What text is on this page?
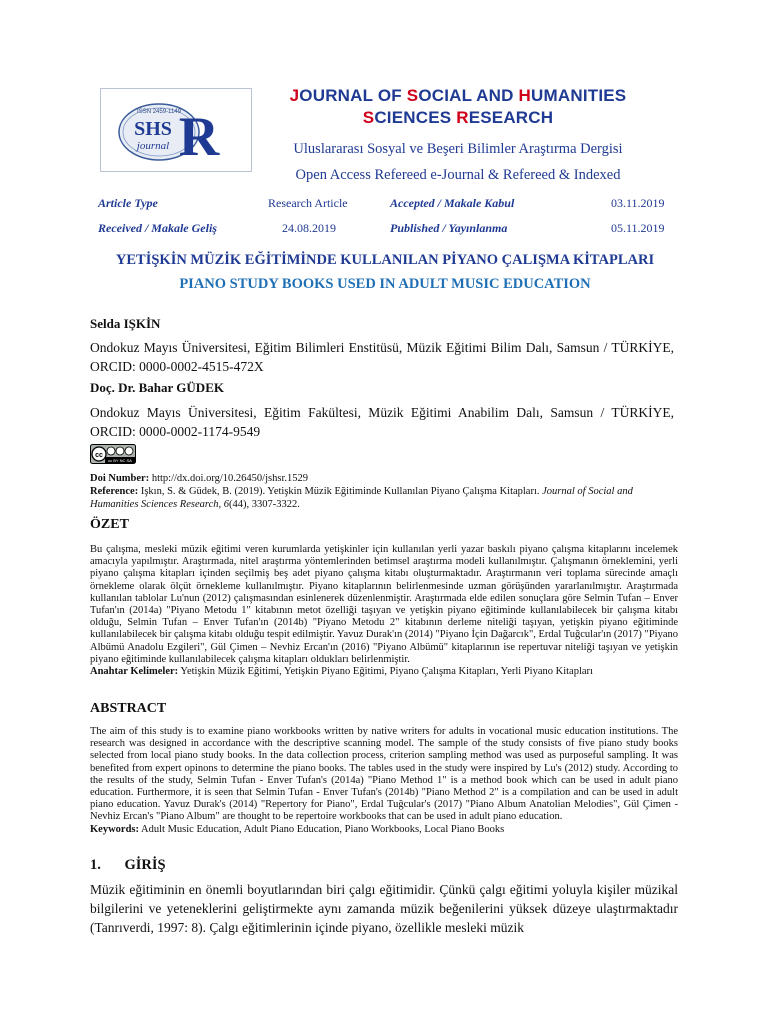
ISSN 2459-1149
SHS
journal R
JOURNAL OF SOCIAL AND HUMANITIES
SCIENCES RESEARCH
Uluslararası Sosyal ve Beşeri Bilimler Araştırma Dergisi
Open Access Refereed e-Journal & Refereed & Indexed
Article Type	Research Article	Accepted / Makale Kabul	03.11.2019
Received / Makale Geliş	24.08.2019	Published / Yayınlanma	05.11.2019
YETİŞKİN MÜZİK EĞİTİMİNDE KULLANILAN PİYANO ÇALIŞMA KİTAPLARI
PIANO STUDY BOOKS USED IN ADULT MUSIC EDUCATION
Selda IŞKİN
Ondokuz Mayıs Üniversitesi, Eğitim Bilimleri Enstitüsü, Müzik Eğitimi Bilim Dalı, Samsun / TÜRKİYE, ORCID: 0000-0002-4515-472X
Doç. Dr. Bahar GÜDEK
Ondokuz Mayıs Üniversitesi, Eğitim Fakültesi, Müzik Eğitimi Anabilim Dalı, Samsun / TÜRKİYE, ORCID: 0000-0002-1174-9549
cc
cc BY NC SA
Doi Number: http://dx.doi.org/10.26450/jshsr.1529
Reference: Işkın, S. & Güdek, B. (2019). Yetişkin Müzik Eğitiminde Kullanılan Piyano Çalışma Kitapları. Journal of Social and Humanities Sciences Research, 6(44), 3307-3322.
ÖZET
Bu çalışma, mesleki müzik eğitimi veren kurumlarda yetişkinler için kullanılan yerli yazar baskılı piyano çalışma kitaplarını incelemek amacıyla yapılmıştır. Araştırmada, nitel araştırma yöntemlerinden betimsel araştırma modeli kullanılmıştır. Çalışmanın örneklemini, yerli piyano çalışma kitapları içinden seçilmiş beş adet piyano çalışma kitabı oluşturmaktadır. Araştırmanın veri toplama sürecinde amaçlı örnekleme olarak ölçüt örnekleme kullanılmıştır. Piyano kitaplarının belirlenmesinde uzman görüşünden yararlanılmıştır. Araştırmada kullanılan tablolar Lu'nun (2012) çalışmasından esinlenerek düzenlenmiştir. Araştırmada elde edilen sonuçlara göre Selmin Tufan – Enver Tufan'ın (2014a) "Piyano Metodu 1" kitabının metot özelliği taşıyan ve yetişkin piyano eğitiminde kullanılabilecek bir çalışma kitabı olduğu, Selmin Tufan – Enver Tufan'ın (2014b) "Piyano Metodu 2" kitabının derleme niteliği taşıyan, yetişkin piyano eğitiminde kullanılabilecek bir çalışma kitabı olduğu tespit edilmiştir. Yavuz Durak'ın (2014) "Piyano İçin Dağarcık", Erdal Tuğcular'ın (2017) "Piyano Albümü Anadolu Ezgileri", Gül Çimen – Nevhiz Ercan'ın (2016) "Piyano Albümü" kitaplarının ise repertuvar niteliği taşıyan ve yetişkin piyano eğitiminde kullanılabilecek çalışma kitapları oldukları belirlenmiştir.
Anahtar Kelimeler: Yetişkin Müzik Eğitimi, Yetişkin Piyano Eğitimi, Piyano Çalışma Kitapları, Yerli Piyano Kitapları
ABSTRACT
The aim of this study is to examine piano workbooks written by native writers for adults in vocational music education institutions. The research was designed in accordance with the descriptive scanning model. The sample of the study consists of five piano study books selected from local piano study books. In the data collection process, criterion sampling method was used as purposeful sampling. It was benefited from expert opinons to determine the piano books. The tables used in the study were inspired by Lu's (2012) study. According to the results of the study, Selmin Tufan - Enver Tufan's (2014a) "Piano Method 1" is a method book which can be used in adult piano education. Furthermore, it is seen that Selmin Tufan - Enver Tufan's (2014b) "Piano Method 2" is a compilation and can be used in adult piano education. Yavuz Durak's (2014) "Repertory for Piano", Erdal Tuğcular's (2017) "Piano Album Anatolian Melodies", Gül Çimen - Nevhiz Ercan's "Piano Album" are thought to be repertoire workbooks that can be used in adult piano education.
Keywords: Adult Music Education, Adult Piano Education, Piano Workbooks, Local Piano Books
1. GİRİŞ
Müzik eğitiminin en önemli boyutlarından biri çalgı eğitimidir. Çünkü çalgı eğitimi yoluyla kişiler müzikal bilgilerini ve yeteneklerini geliştirmekte aynı zamanda müzik beğenilerini yüksek düzeye ulaştırmaktadır (Tanrıverdi, 1997: 8). Çalgı eğitimlerinin içinde piyano, özellikle mesleki müzik
